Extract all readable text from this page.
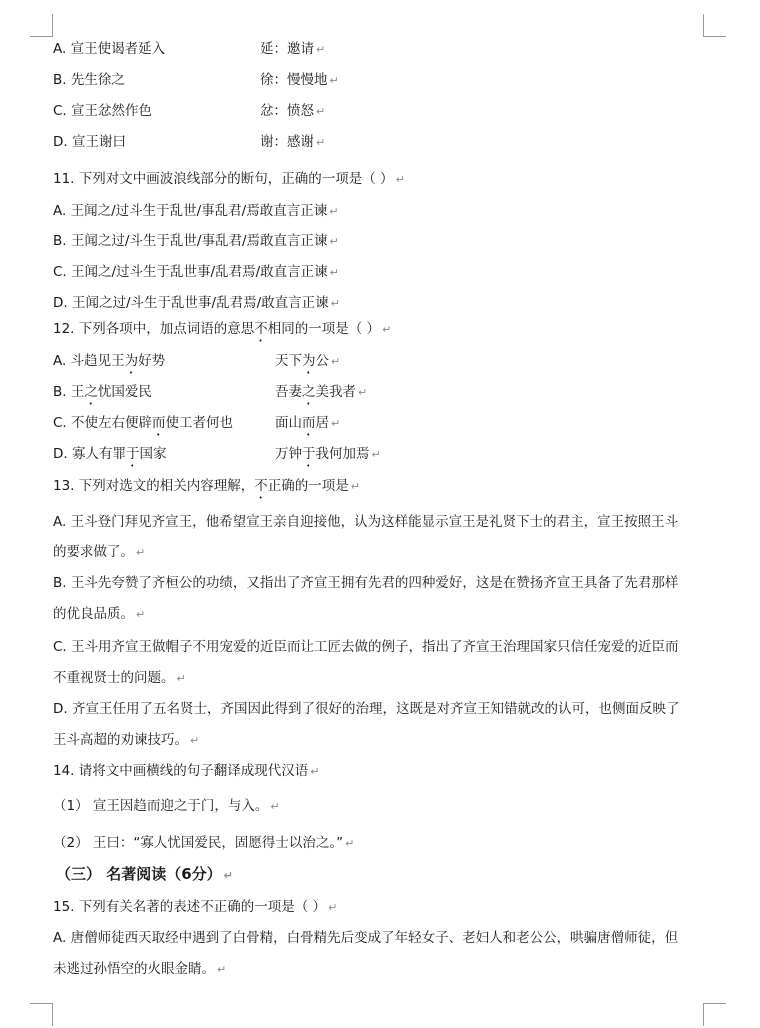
A. 宣王使谒者延入	延：邀请 ↵
B. 先生徐之	徐：慢慢地 ↵
C. 宣王忿然作色	忿：愤怒 ↵
D. 宣王谢曰	谢：感谢 ↵
11. 下列对文中画波浪线部分的断句，正确的一项是（ ） ↵
A. 王闻之/过斗生于乱世/事乱君/焉敢直言正谏 ↵
B. 王闻之过/斗生于乱世/事乱君/焉敢直言正谏 ↵
C. 王闻之/过斗生于乱世事/乱君焉/敢直言正谏 ↵
D. 王闻之过/斗生于乱世事/乱君焉/敢直言正谏 ↵
12. 下列各项中，加点词语的意思不相同的一项是（ ） ↵
A. 斗趋见王为好势	天下为公 ↵
B. 王之忧国爱民	吾妻之美我者 ↵
C. 不使左右便辟而使工者何也	面山而居 ↵
D. 寡人有罪于国家	万钟于我何加焉 ↵
13. 下列对选文的相关内容理解，不正确的一项是 ↵
A. 王斗登门拜见齐宣王，他希望宣王亲自迎接他，认为这样能显示宣王是礼贤下士的君主，宣王按照王斗
的要求做了。 ↵
B. 王斗先夸赞了齐桓公的功绩，又指出了齐宣王拥有先君的四种爱好，这是在赞扬齐宣王具备了先君那样
的优良品质。 ↵
C. 王斗用齐宣王做帽子不用宠爱的近臣而让工匠去做的例子，指出了齐宣王治理国家只信任宠爱的近臣而
不重视贤士的问题。 ↵
D. 齐宣王任用了五名贤士，齐国因此得到了很好的治理，这既是对齐宣王知错就改的认可，也侧面反映了
王斗高超的劝谏技巧。 ↵
14. 请将文中画横线的句子翻译成现代汉语 ↵
（1） 宣王因趋而迎之于门，与入。 ↵
（2） 王曰：“寡人忧国爱民，固愿得士以治之。” ↵
（三） 名著阅读（6分） ↵
15. 下列有关名著的表述不正确的一项是（ ） ↵
A. 唐僧师徒西天取经中遇到了白骨精，白骨精先后变成了年轻女子、老妇人和老公公，哄骗唐僧师徒，但
未逃过孙悟空的火眼金睛。 ↵
